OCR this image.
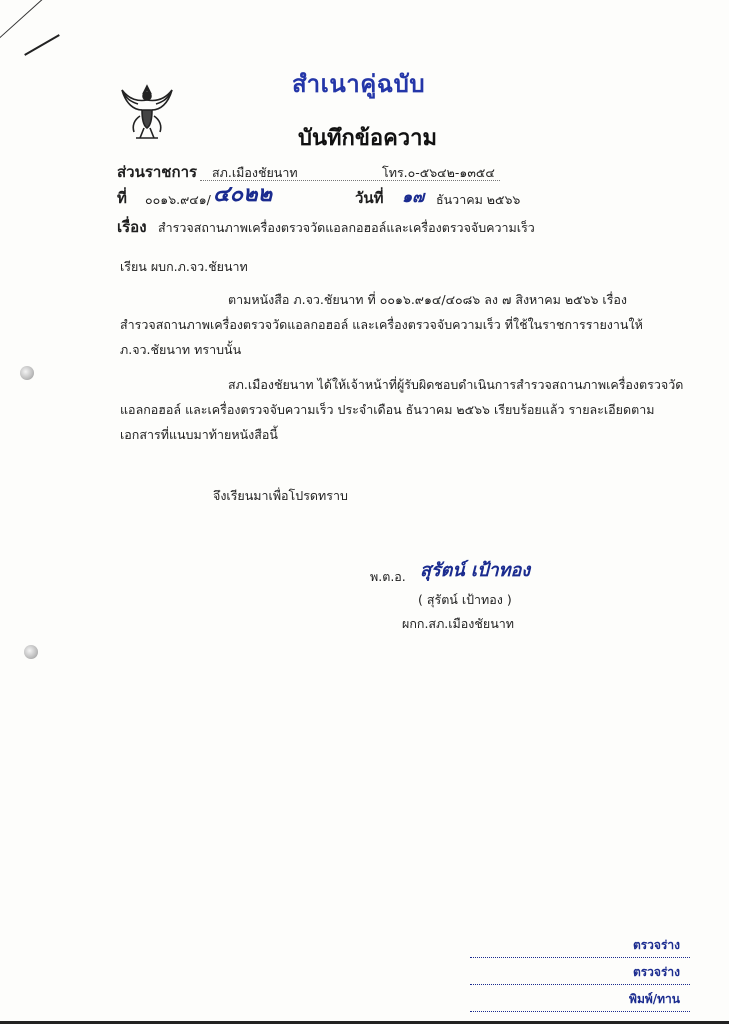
สำเนาคู่ฉบับ
บันทึกข้อความ
ส่วนราชการ สภ.เมืองชัยนาท	โทร.๐-๕๖๔๒-๑๓๕๔
ที่ ๐๐๑๖.๙๔๑/ ๔๐๒๒	วันที่ ๑๗ ธันวาคม ๒๕๖๖
เรื่อง สำรวจสถานภาพเครื่องตรวจวัดแอลกอฮอล์และเครื่องตรวจจับความเร็ว
เรียน ผบก.ภ.จว.ชัยนาท
ตามหนังสือ ภ.จว.ชัยนาท ที่ ๐๐๑๖.๙๑๔/๔๐๘๖ ลง ๗ สิงหาคม ๒๕๖๖ เรื่อง
สำรวจสถานภาพเครื่องตรวจวัดแอลกอฮอล์ และเครื่องตรวจจับความเร็ว ที่ใช้ในราชการรายงานให้
ภ.จว.ชัยนาท ทราบนั้น
สภ.เมืองชัยนาท ได้ให้เจ้าหน้าที่ผู้รับผิดชอบดำเนินการสำรวจสถานภาพเครื่องตรวจวัด
แอลกอฮอล์ และเครื่องตรวจจับความเร็ว ประจำเดือน ธันวาคม ๒๕๖๖ เรียบร้อยแล้ว รายละเอียดตาม
เอกสารที่แนบมาท้ายหนังสือนี้
จึงเรียนมาเพื่อโปรดทราบ
พ.ต.อ. สุรัตน์ เป้าทอง
( สุรัตน์ เป้าทอง )
ผกก.สภ.เมืองชัยนาท
ตรวจร่าง
ตรวจร่าง
พิมพ์/ทาน
